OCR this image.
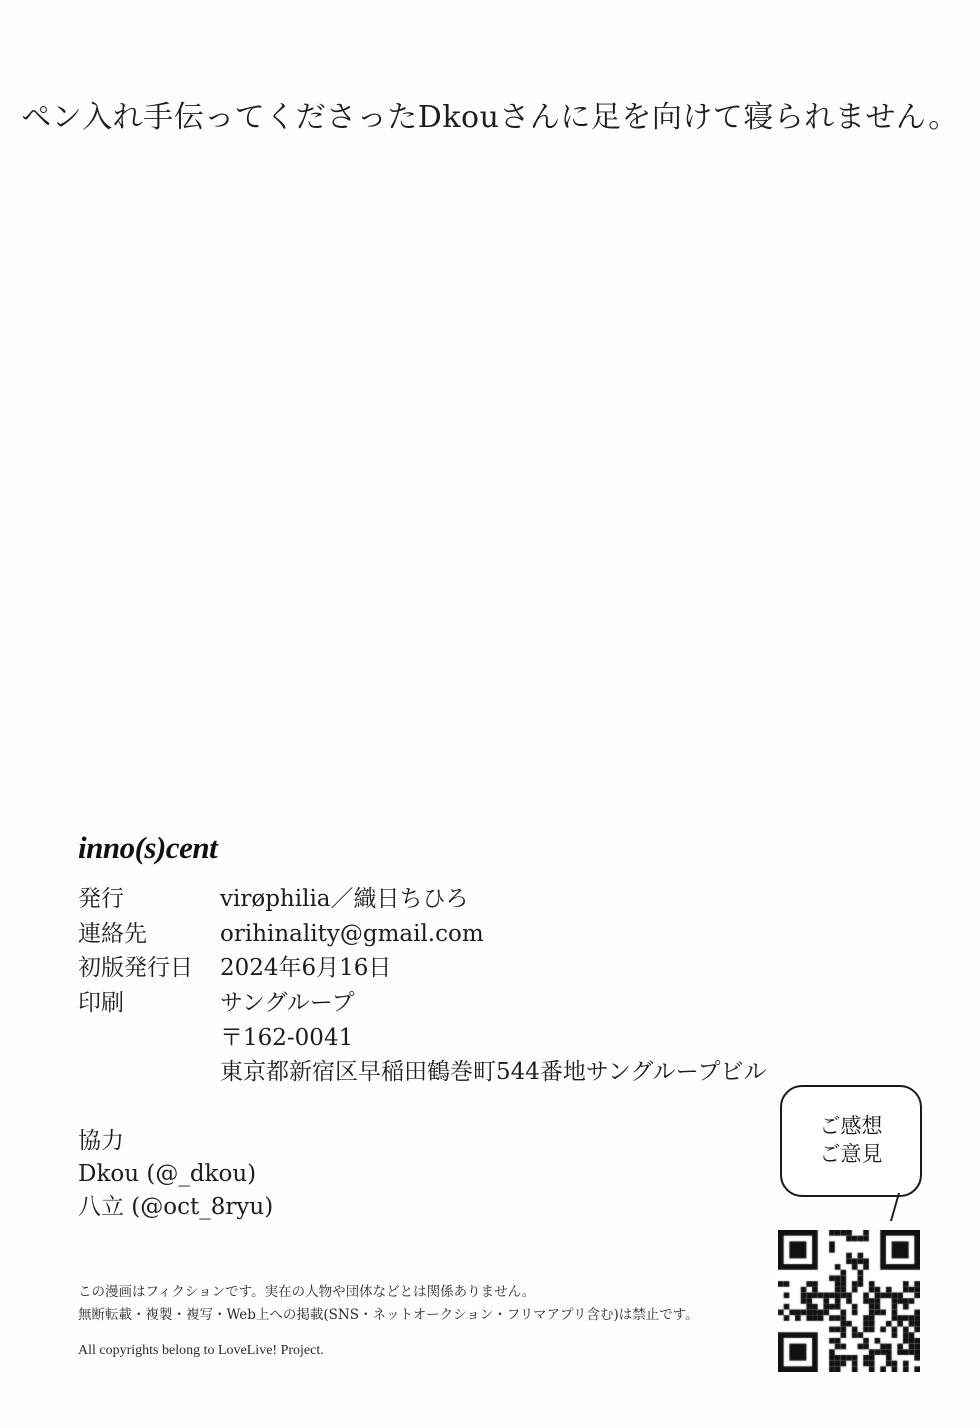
ペン入れ手伝ってくださったDkouさんに足を向けて寝られません。
inno(s)cent
発行	virøphilia／織日ちひろ
連絡先	orihinality@gmail.com
初版発行日	2024年6月16日
印刷	サングループ
	〒162-0041
	東京都新宿区早稲田鶴巻町544番地サングループビル
協力
Dkou (@_dkou)
八立 (@oct_8ryu)
この漫画はフィクションです。実在の人物や団体などとは関係ありません。
無断転載・複製・複写・Web上への掲載(SNS・ネットオークション・フリマアプリ含む)は禁止です。
All copyrights belong to LoveLive! Project.
ご感想
ご意見
